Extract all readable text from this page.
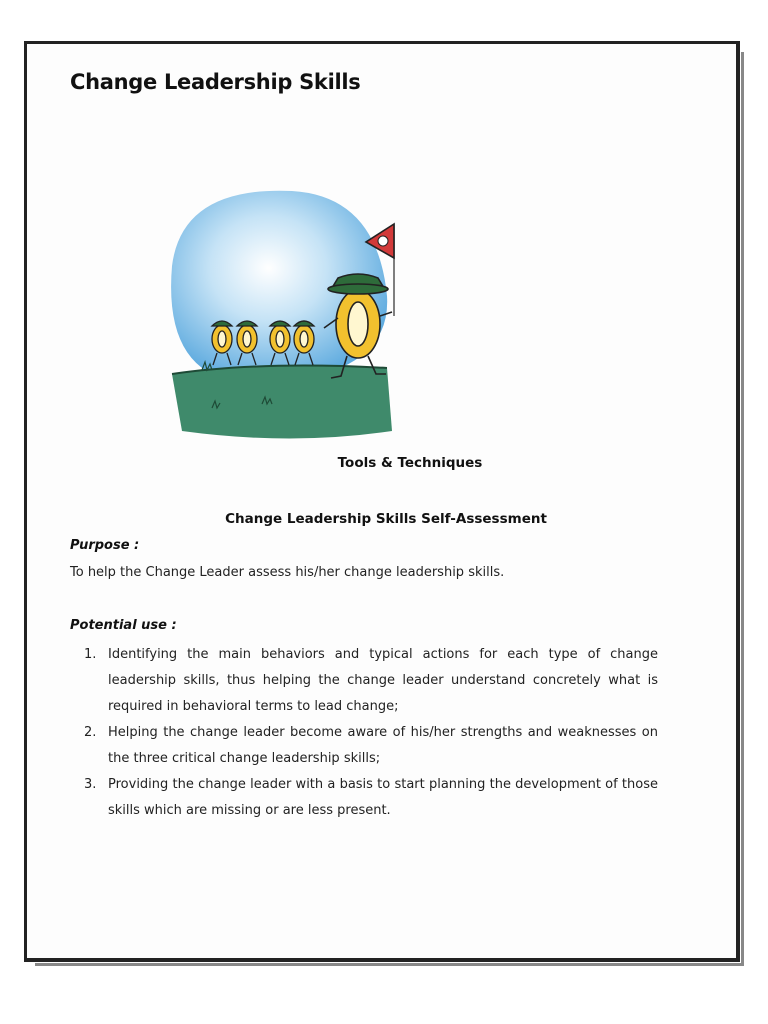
Change Leadership Skills
Tools & Techniques
Change Leadership Skills Self-Assessment
Purpose :
To help the Change Leader assess his/her change leadership skills.
Potential use :
1. Identifying the main behaviors and typical actions for each type of change leadership skills, thus helping the change leader understand concretely what is required in behavioral terms to lead change;
2. Helping the change leader become aware of his/her strengths and weaknesses on the three critical change leadership skills;
3. Providing the change leader with a basis to start planning the development of those skills which are missing or are less present.
